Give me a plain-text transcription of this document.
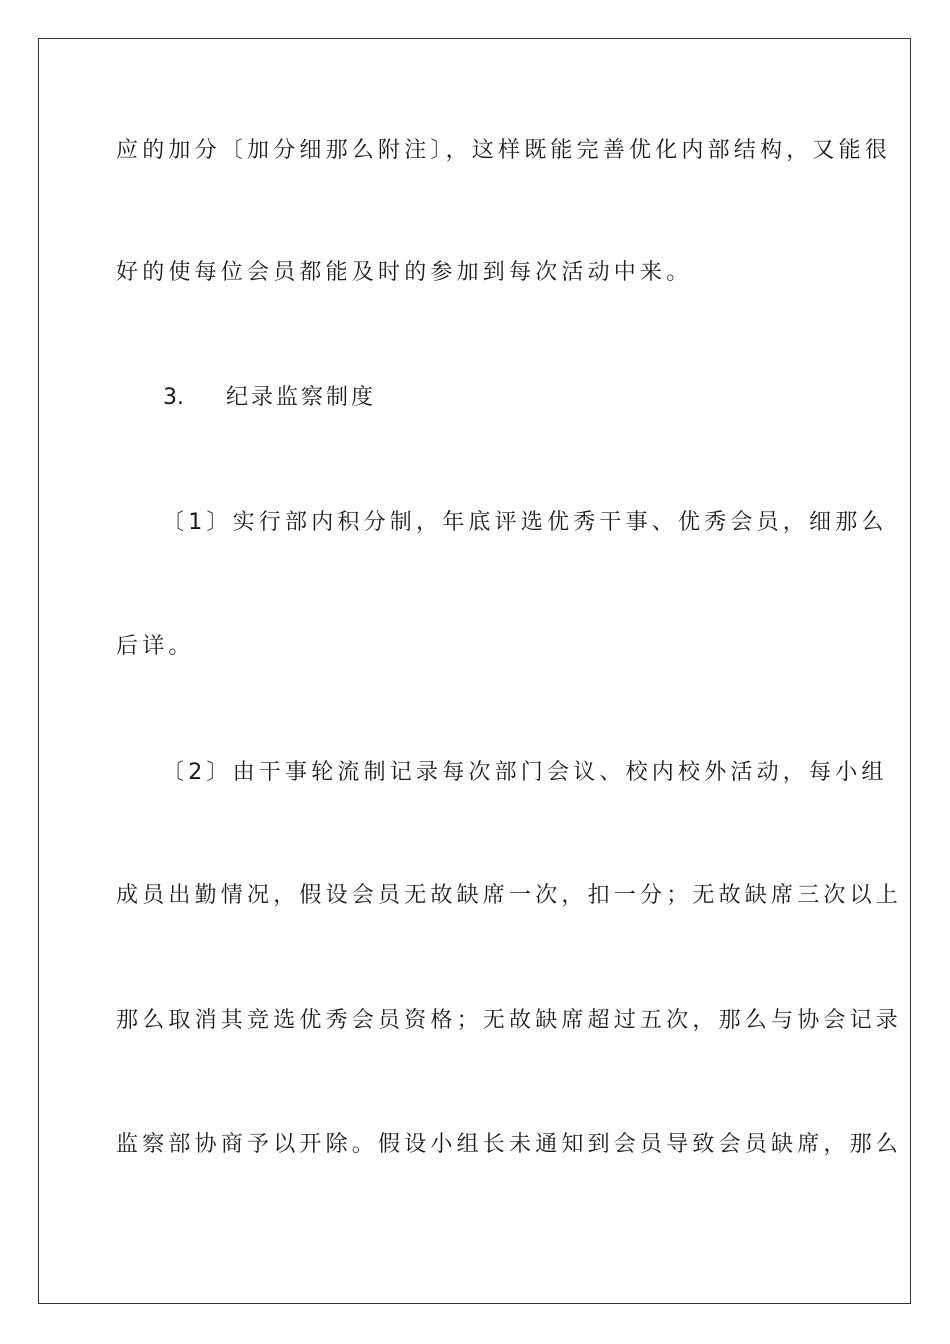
应的加分〔加分细那么附注〕，这样既能完善优化内部结构，又能很
好的使每位会员都能及时的参加到每次活动中来。
3. 纪录监察制度
〔1〕实行部内积分制，年底评选优秀干事、优秀会员，细那么
后详。
〔2〕由干事轮流制记录每次部门会议、校内校外活动，每小组
成员出勤情况，假设会员无故缺席一次，扣一分；无故缺席三次以上
那么取消其竞选优秀会员资格；无故缺席超过五次，那么与协会记录
监察部协商予以开除。假设小组长未通知到会员导致会员缺席，那么
